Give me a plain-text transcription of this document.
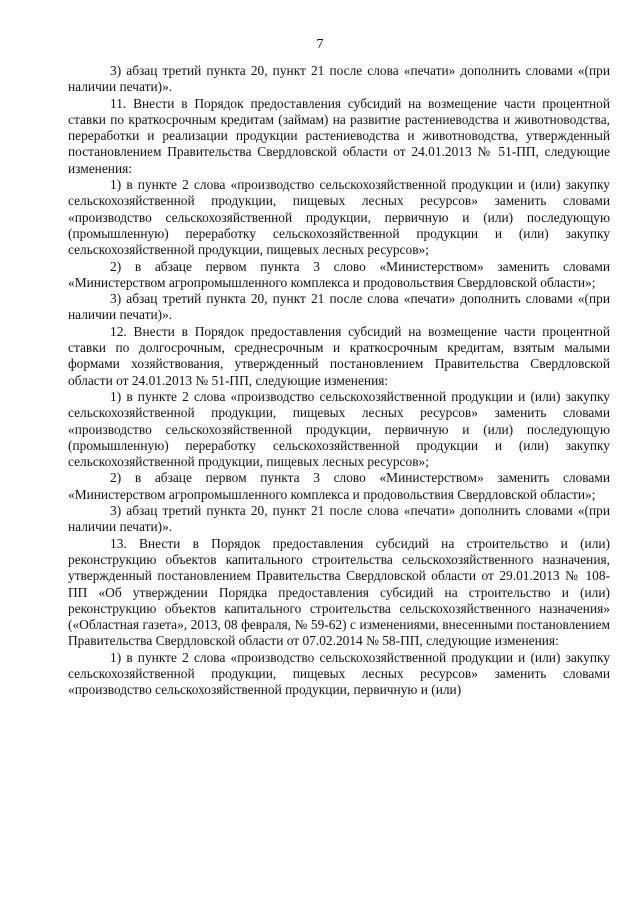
7

3) абзац третий пункта 20, пункт 21 после слова «печати» дополнить словами «(при наличии печати)».

11. Внести в Порядок предоставления субсидий на возмещение части процентной ставки по краткосрочным кредитам (займам) на развитие растениеводства и животноводства, переработки и реализации продукции растениеводства и животноводства, утвержденный постановлением Правительства Свердловской области от 24.01.2013 № 51-ПП, следующие изменения:

1) в пункте 2 слова «производство сельскохозяйственной продукции и (или) закупку сельскохозяйственной продукции, пищевых лесных ресурсов» заменить словами «производство сельскохозяйственной продукции, первичную и (или) последующую (промышленную) переработку сельскохозяйственной продукции и (или) закупку сельскохозяйственной продукции, пищевых лесных ресурсов»;

2) в абзаце первом пункта 3 слово «Министерством» заменить словами «Министерством агропромышленного комплекса и продовольствия Свердловской области»;

3) абзац третий пункта 20, пункт 21 после слова «печати» дополнить словами «(при наличии печати)».

12. Внести в Порядок предоставления субсидий на возмещение части процентной ставки по долгосрочным, среднесрочным и краткосрочным кредитам, взятым малыми формами хозяйствования, утвержденный постановлением Правительства Свердловской области от 24.01.2013 № 51-ПП, следующие изменения:

1) в пункте 2 слова «производство сельскохозяйственной продукции и (или) закупку сельскохозяйственной продукции, пищевых лесных ресурсов» заменить словами «производство сельскохозяйственной продукции, первичную и (или) последующую (промышленную) переработку сельскохозяйственной продукции и (или) закупку сельскохозяйственной продукции, пищевых лесных ресурсов»;

2) в абзаце первом пункта 3 слово «Министерством» заменить словами «Министерством агропромышленного комплекса и продовольствия Свердловской области»;

3) абзац третий пункта 20, пункт 21 после слова «печати» дополнить словами «(при наличии печати)».

13. Внести в Порядок предоставления субсидий на строительство и (или) реконструкцию объектов капитального строительства сельскохозяйственного назначения, утвержденный постановлением Правительства Свердловской области от 29.01.2013 № 108-ПП «Об утверждении Порядка предоставления субсидий на строительство и (или) реконструкцию объектов капитального строительства сельскохозяйственного назначения» («Областная газета», 2013, 08 февраля, № 59-62) с изменениями, внесенными постановлением Правительства Свердловской области от 07.02.2014 № 58-ПП, следующие изменения:

1) в пункте 2 слова «производство сельскохозяйственной продукции и (или) закупку сельскохозяйственной продукции, пищевых лесных ресурсов» заменить словами «производство сельскохозяйственной продукции, первичную и (или)
